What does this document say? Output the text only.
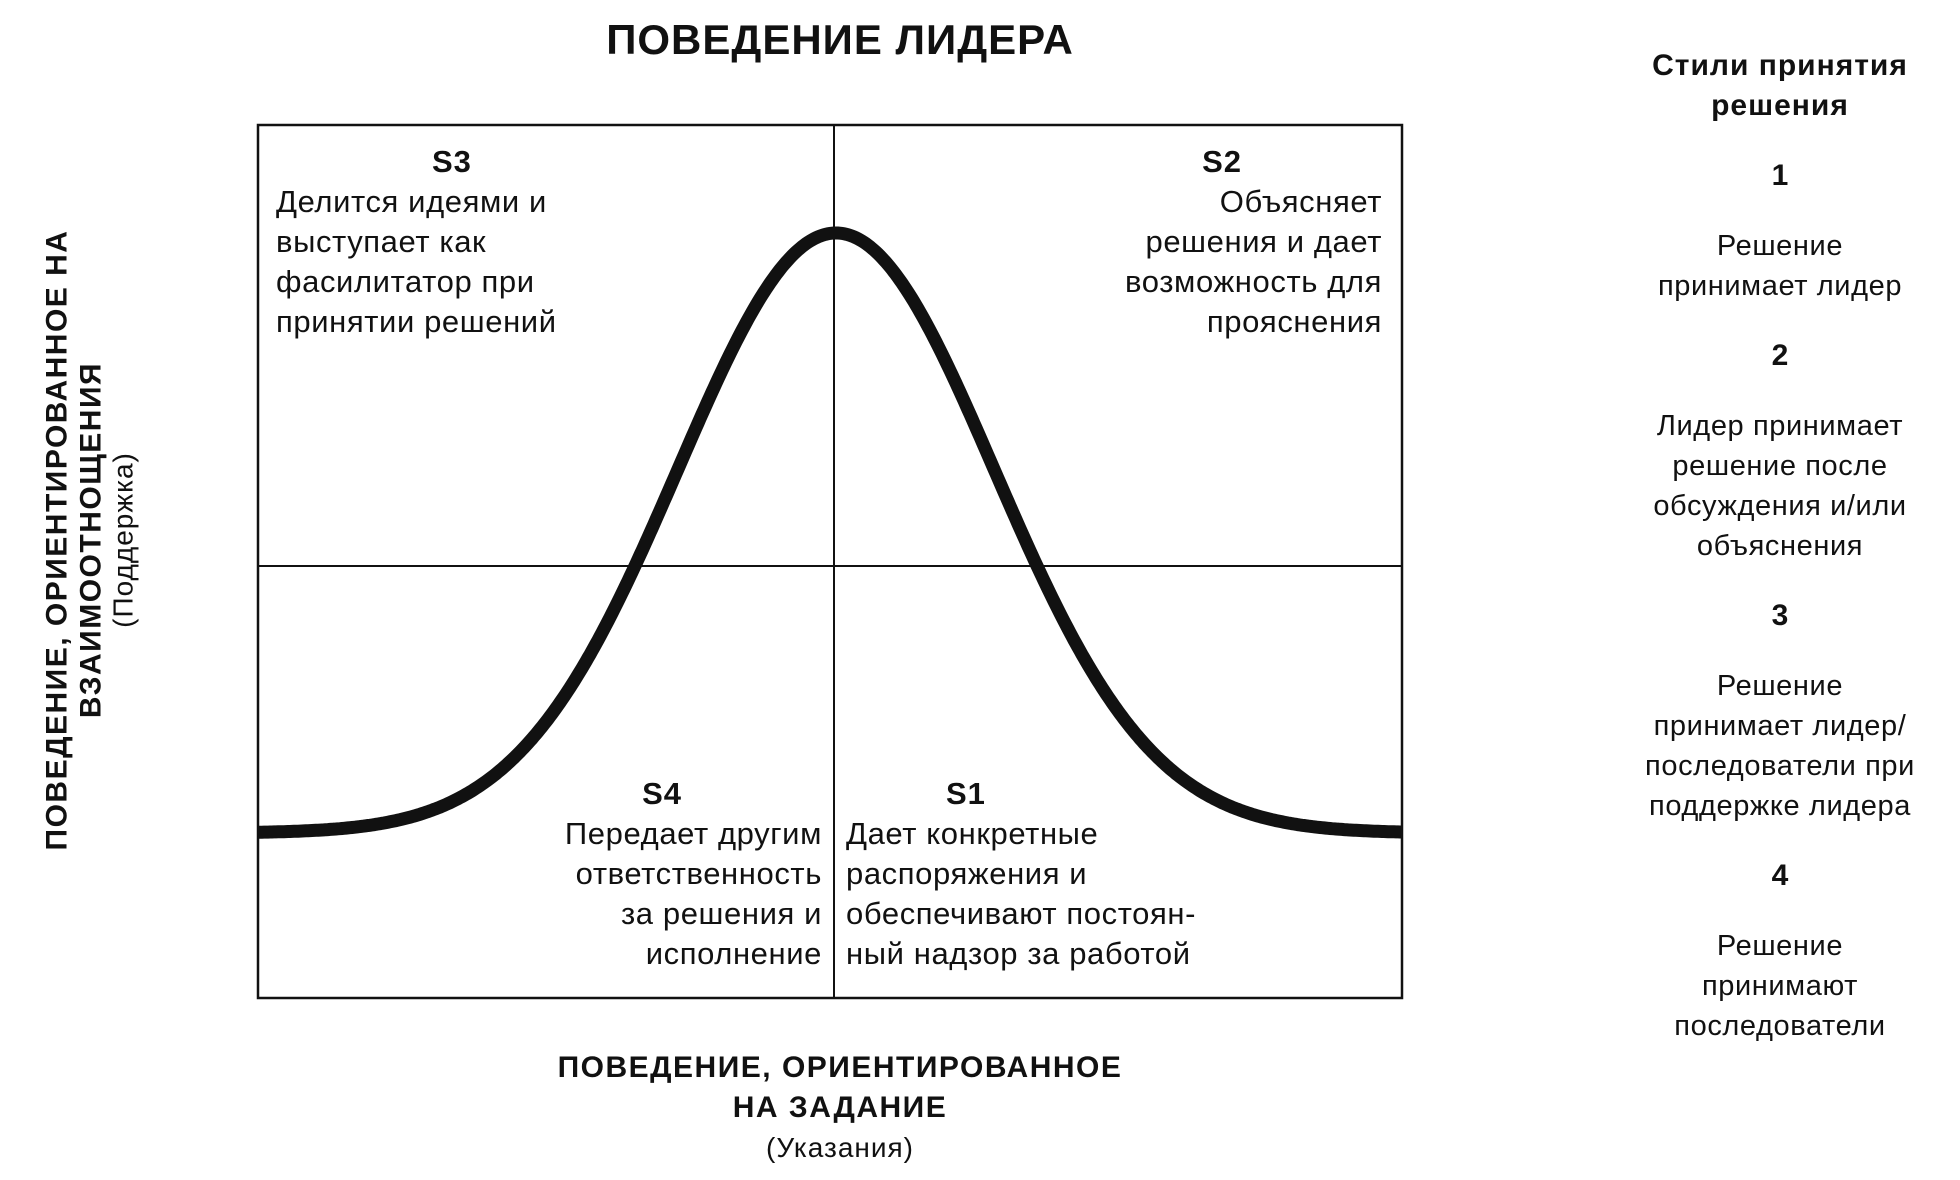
ПОВЕДЕНИЕ ЛИДЕРА
ПОВЕДЕНИЕ, ОРИЕНТИРОВАННОЕ НА ВЗАИМООТНОЩЕНИЯ (Поддержка)
S3
Делится идеями и
выступает как
фасилитатор при
принятии решений
S2
Объясняет
решения и дает
возможность для
прояснения
S4
Передает другим
ответственность
за решения и
исполнение
S1
Дает конкретные
распоряжения и
обеспечивают постоян-
ный надзор за работой
ПОВЕДЕНИЕ, ОРИЕНТИРОВАННОЕ
НА ЗАДАНИЕ
(Указания)
Стили принятия
решения
1
Решение
принимает лидер
2
Лидер принимает
решение после
обсуждения и/или
объяснения
3
Решение
принимает лидер/
последователи при
поддержке лидера
4
Решение
принимают
последователи
